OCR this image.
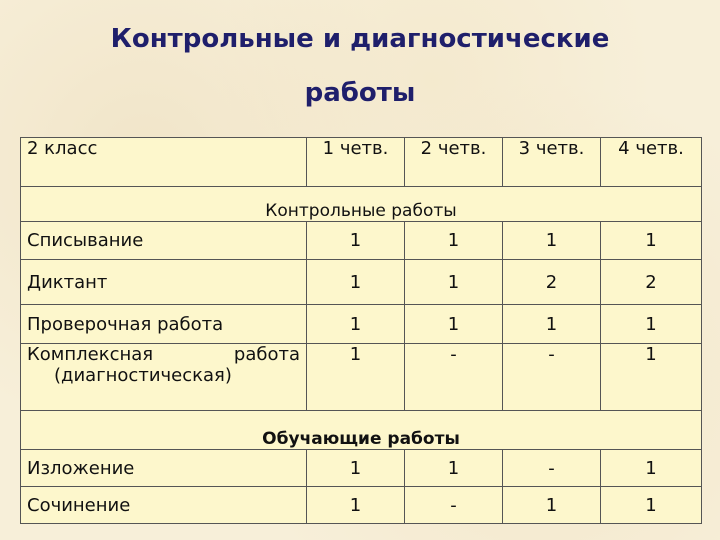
Контрольные и диагностические
работы
2 класс	1 четв.	2 четв.	3 четв.	4 четв.
Контрольные работы				
Списывание	1	1	1	1
Диктант	1	1	2	2
Проверочная работа	1	1	1	1

Комплексная работа
(диагностическая)	1	-	-	1
Обучающие работы				
Изложение	1	1	-	1
Сочинение	1	-	1	1
